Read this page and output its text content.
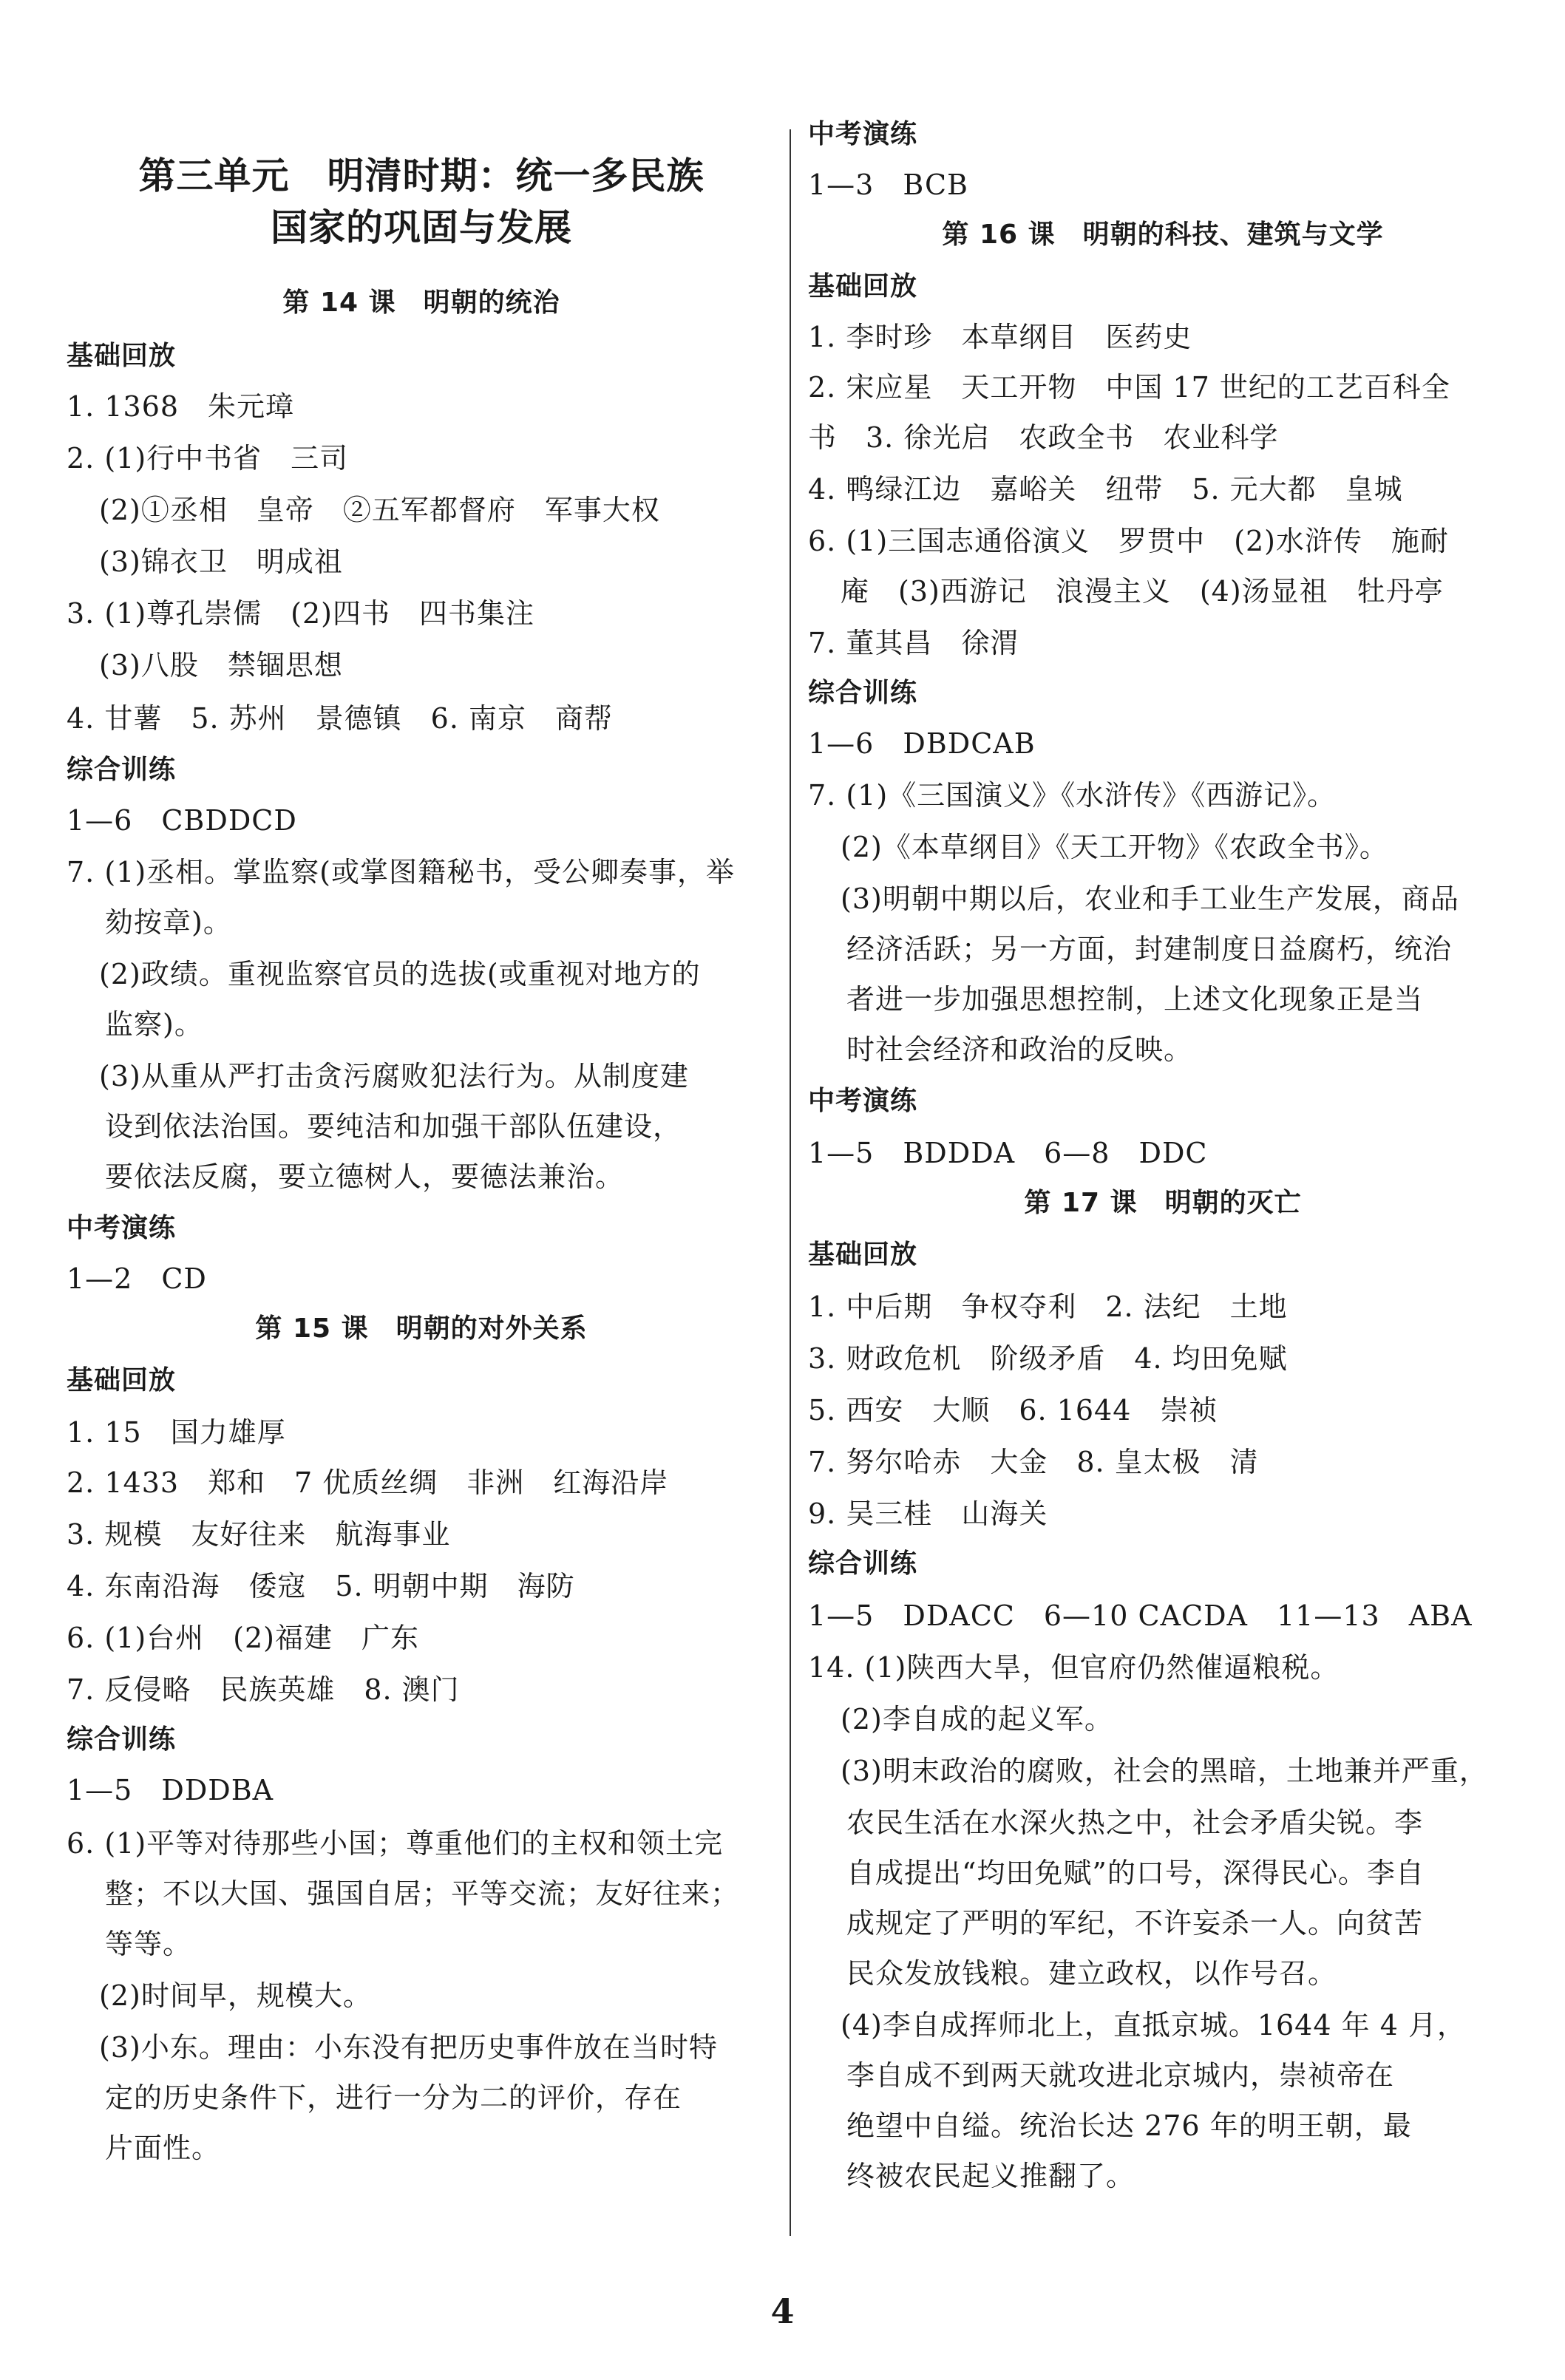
第三单元　明清时期：统一多民族
国家的巩固与发展
第 14 课　明朝的统治
基础回放
1. 1368　朱元璋
2. (1)行中书省　三司
(2)①丞相　皇帝　②五军都督府　军事大权
(3)锦衣卫　明成祖
3. (1)尊孔崇儒　(2)四书　四书集注
(3)八股　禁锢思想
4. 甘薯　5. 苏州　景德镇　6. 南京　商帮
综合训练
1—6　CBDDCD
7. (1)丞相。掌监察(或掌图籍秘书，受公卿奏事，举
劾按章)。
(2)政绩。重视监察官员的选拔(或重视对地方的
监察)。
(3)从重从严打击贪污腐败犯法行为。从制度建
设到依法治国。要纯洁和加强干部队伍建设，
要依法反腐，要立德树人，要德法兼治。
中考演练
1—2　CD
第 15 课　明朝的对外关系
基础回放
1. 15　国力雄厚
2. 1433　郑和　7 优质丝绸　非洲　红海沿岸
3. 规模　友好往来　航海事业
4. 东南沿海　倭寇　5. 明朝中期　海防
6. (1)台州　(2)福建　广东
7. 反侵略　民族英雄　8. 澳门
综合训练
1—5　DDDBA
6. (1)平等对待那些小国；尊重他们的主权和领土完
整；不以大国、强国自居；平等交流；友好往来；
等等。
(2)时间早，规模大。
(3)小东。理由：小东没有把历史事件放在当时特
定的历史条件下，进行一分为二的评价，存在
片面性。
中考演练
1—3　BCB
第 16 课　明朝的科技、建筑与文学
基础回放
1. 李时珍　本草纲目　医药史
2. 宋应星　天工开物　中国 17 世纪的工艺百科全
书　3. 徐光启　农政全书　农业科学
4. 鸭绿江边　嘉峪关　纽带　5. 元大都　皇城
6. (1)三国志通俗演义　罗贯中　(2)水浒传　施耐
庵　(3)西游记　浪漫主义　(4)汤显祖　牡丹亭
7. 董其昌　徐渭
综合训练
1—6　DBDCAB
7. (1)《三国演义》《水浒传》《西游记》。
(2)《本草纲目》《天工开物》《农政全书》。
(3)明朝中期以后，农业和手工业生产发展，商品
经济活跃；另一方面，封建制度日益腐朽，统治
者进一步加强思想控制，上述文化现象正是当
时社会经济和政治的反映。
中考演练
1—5　BDDDA　6—8　DDC
第 17 课　明朝的灭亡
基础回放
1. 中后期　争权夺利　2. 法纪　土地
3. 财政危机　阶级矛盾　4. 均田免赋
5. 西安　大顺　6. 1644　崇祯
7. 努尔哈赤　大金　8. 皇太极　清
9. 吴三桂　山海关
综合训练
1—5　DDACC　6—10 CACDA　11—13　ABA
14. (1)陕西大旱，但官府仍然催逼粮税。
(2)李自成的起义军。
(3)明末政治的腐败，社会的黑暗，土地兼并严重，
农民生活在水深火热之中，社会矛盾尖锐。李
自成提出“均田免赋”的口号，深得民心。李自
成规定了严明的军纪，不许妄杀一人。向贫苦
民众发放钱粮。建立政权，以作号召。
(4)李自成挥师北上，直抵京城。1644 年 4 月，
李自成不到两天就攻进北京城内，崇祯帝在
绝望中自缢。统治长达 276 年的明王朝，最
终被农民起义推翻了。
4
